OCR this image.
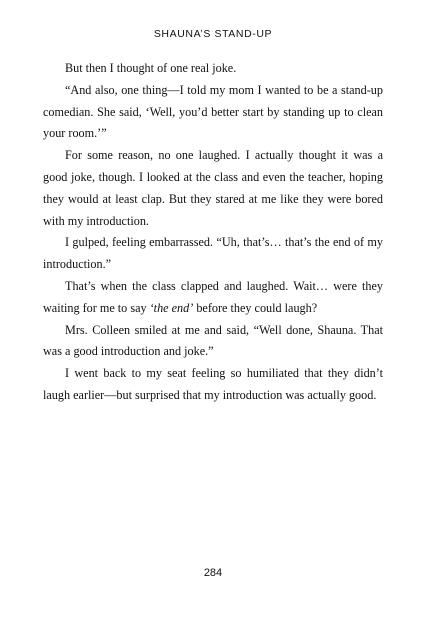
SHAUNA’S STAND-UP

But then I thought of one real joke.

“And also, one thing—I told my mom I wanted to be a stand-up comedian. She said, ‘Well, you’d better start by standing up to clean your room.’”

For some reason, no one laughed. I actually thought it was a good joke, though. I looked at the class and even the teacher, hoping they would at least clap. But they stared at me like they were bored with my introduction.

I gulped, feeling embarrassed. “Uh, that’s… that’s the end of my introduction.”

That’s when the class clapped and laughed. Wait… were they waiting for me to say ‘the end’ before they could laugh?

Mrs. Colleen smiled at me and said, “Well done, Shauna. That was a good introduction and joke.”

I went back to my seat feeling so humiliated that they didn’t laugh earlier—but surprised that my introduction was actually good.

284
